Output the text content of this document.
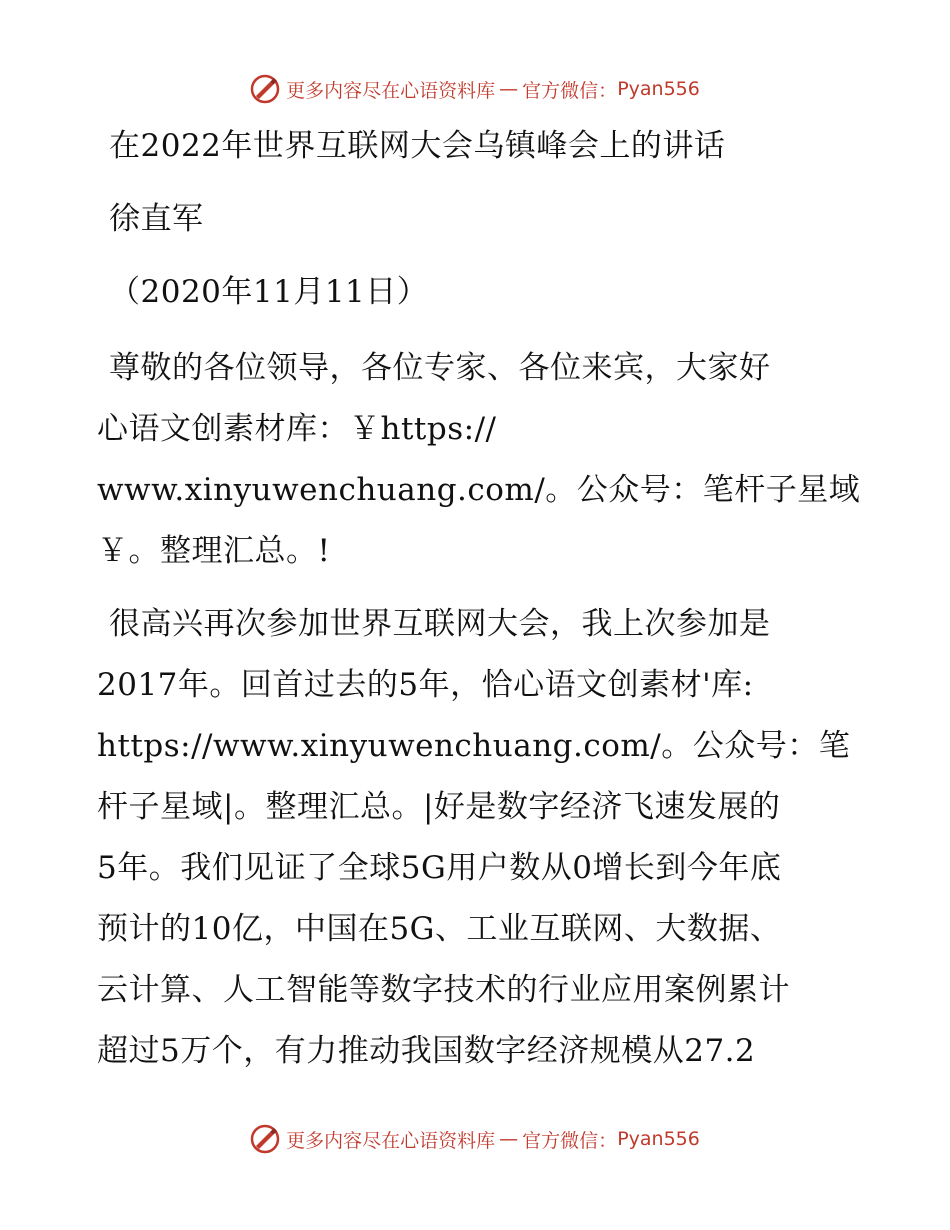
更多内容尽在心语资料库 — 官方微信： Pyan556
在2022年世界互联网大会乌镇峰会上的讲话
徐直军
（2020年11月11日）
尊敬的各位领导，各位专家、各位来宾，大家好
心语文创素材库：￥https://
www.xinyuwenchuang.com/。公众号：笔杆子星域
￥。整理汇总。!
很高兴再次参加世界互联网大会，我上次参加是
2017年。回首过去的5年，恰心语文创素材'库:
https://www.xinyuwenchuang.com/。公众号：笔
杆子星域|。整理汇总。|好是数字经济飞速发展的
5年。我们见证了全球5G用户数从0增长到今年底
预计的10亿，中国在5G、工业互联网、大数据、
云计算、人工智能等数字技术的行业应用案例累计
超过5万个，有力推动我国数字经济规模从27.2
更多内容尽在心语资料库 — 官方微信： Pyan556
